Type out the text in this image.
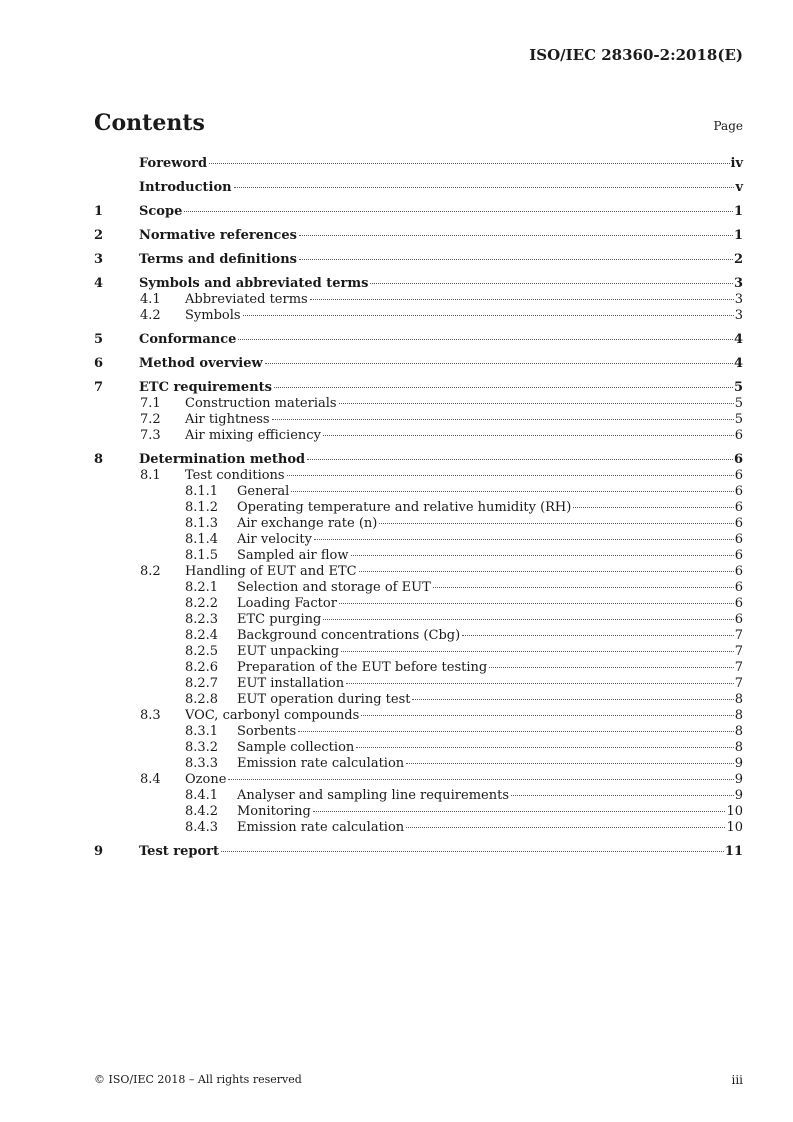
ISO/IEC 28360-2:2018(E)
Contents	Page
Foreword	iv
Introduction	v
1	Scope	1
2	Normative references	1
3	Terms and definitions	2
4	Symbols and abbreviated terms	3
4.1	Abbreviated terms	3
4.2	Symbols	3
5	Conformance	4
6	Method overview	4
7	ETC requirements	5
7.1	Construction materials	5
7.2	Air tightness	5
7.3	Air mixing efficiency	6
8	Determination method	6
8.1	Test conditions	6
8.1.1	General	6
8.1.2	Operating temperature and relative humidity (RH)	6
8.1.3	Air exchange rate (n)	6
8.1.4	Air velocity	6
8.1.5	Sampled air flow	6
8.2	Handling of EUT and ETC	6
8.2.1	Selection and storage of EUT	6
8.2.2	Loading Factor	6
8.2.3	ETC purging	6
8.2.4	Background concentrations (Cbg)	7
8.2.5	EUT unpacking	7
8.2.6	Preparation of the EUT before testing	7
8.2.7	EUT installation	7
8.2.8	EUT operation during test	8
8.3	VOC, carbonyl compounds	8
8.3.1	Sorbents	8
8.3.2	Sample collection	8
8.3.3	Emission rate calculation	9
8.4	Ozone	9
8.4.1	Analyser and sampling line requirements	9
8.4.2	Monitoring	10
8.4.3	Emission rate calculation	10
9	Test report	11
© ISO/IEC 2018 – All rights reserved	iii
